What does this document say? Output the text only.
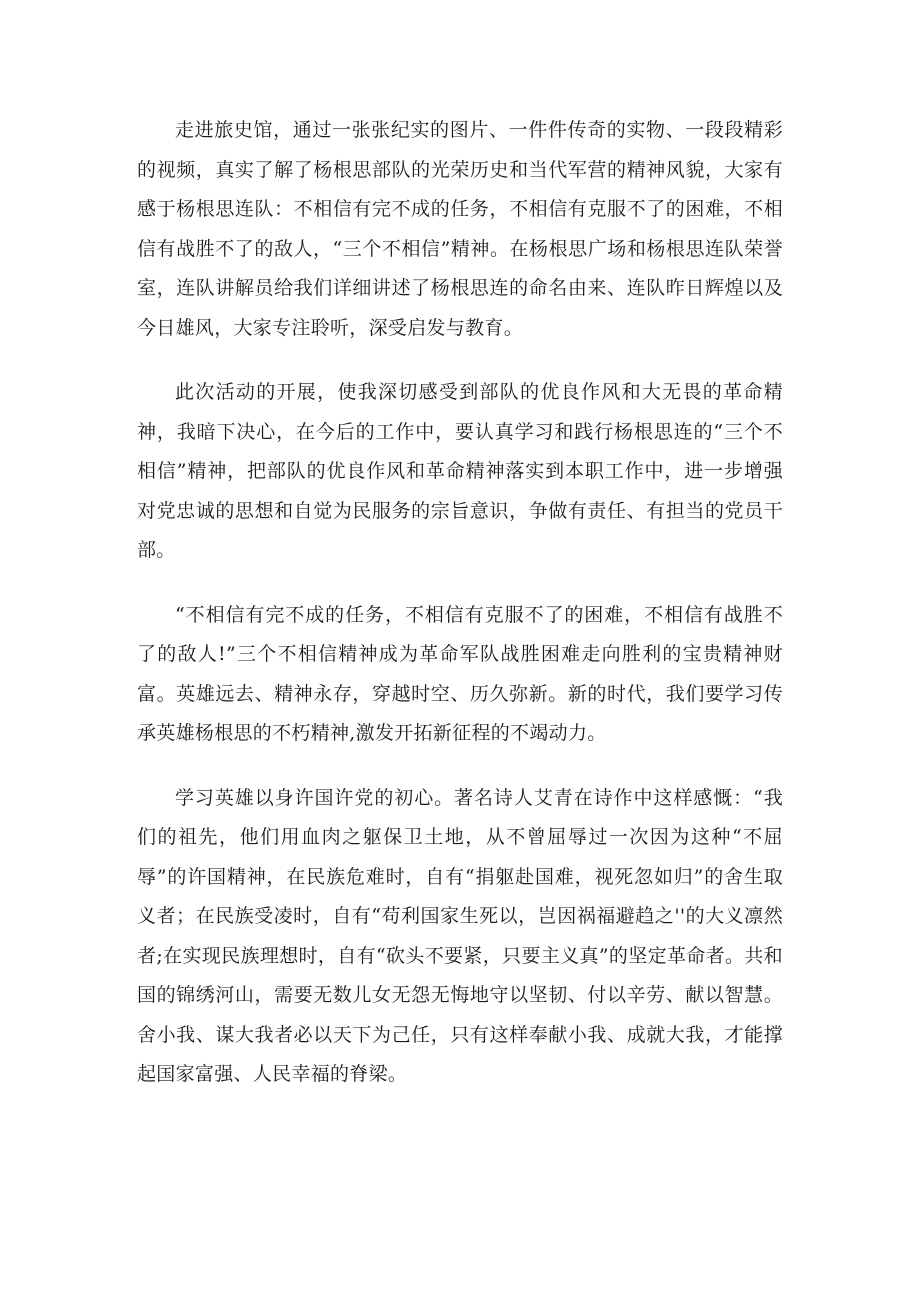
走进旅史馆，通过一张张纪实的图片、一件件传奇的实物、一段段精彩的视频，真实了解了杨根思部队的光荣历史和当代军营的精神风貌，大家有感于杨根思连队：不相信有完不成的任务，不相信有克服不了的困难，不相信有战胜不了的敌人，“三个不相信”精神。在杨根思广场和杨根思连队荣誉室，连队讲解员给我们详细讲述了杨根思连的命名由来、连队昨日辉煌以及今日雄风，大家专注聆听，深受启发与教育。

此次活动的开展，使我深切感受到部队的优良作风和大无畏的革命精神，我暗下决心，在今后的工作中，要认真学习和践行杨根思连的“三个不相信”精神，把部队的优良作风和革命精神落实到本职工作中，进一步增强对党忠诚的思想和自觉为民服务的宗旨意识，争做有责任、有担当的党员干部。

“不相信有完不成的任务，不相信有克服不了的困难，不相信有战胜不了的敌人!”三个不相信精神成为革命军队战胜困难走向胜利的宝贵精神财富。英雄远去、精神永存，穿越时空、历久弥新。新的时代，我们要学习传承英雄杨根思的不朽精神,激发开拓新征程的不竭动力。

学习英雄以身许国许党的初心。著名诗人艾青在诗作中这样感慨：“我们的祖先，他们用血肉之躯保卫土地，从不曾屈辱过一次因为这种“不屈辱”的许国精神，在民族危难时，自有“捐躯赴国难，视死忽如归”的舍生取义者；在民族受凌时，自有“苟利国家生死以，岂因祸福避趋之''的大义凛然者;在实现民族理想时，自有“砍头不要紧，只要主义真”的坚定革命者。共和国的锦绣河山，需要无数儿女无怨无悔地守以坚韧、付以辛劳、献以智慧。舍小我、谋大我者必以天下为己任，只有这样奉献小我、成就大我，才能撑起国家富强、人民幸福的脊梁。
